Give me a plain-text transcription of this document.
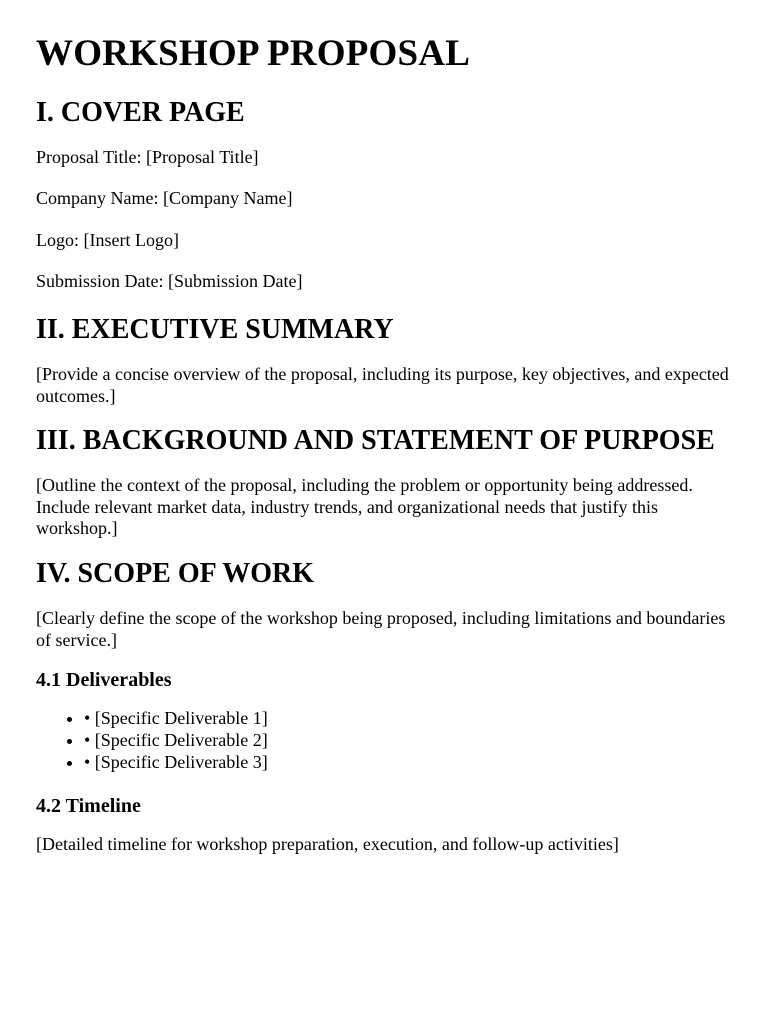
WORKSHOP PROPOSAL
I. COVER PAGE

Proposal Title: [Proposal Title]

Company Name: [Company Name]

Logo: [Insert Logo]

Submission Date: [Submission Date]

II. EXECUTIVE SUMMARY

[Provide a concise overview of the proposal, including its purpose, key objectives, and expected outcomes.]

III. BACKGROUND AND STATEMENT OF PURPOSE

[Outline the context of the proposal, including the problem or opportunity being addressed. Include relevant market data, industry trends, and organizational needs that justify this workshop.]

IV. SCOPE OF WORK

[Clearly define the scope of the workshop being proposed, including limitations and boundaries of service.]

4.1 Deliverables
• • [Specific Deliverable 1]
• • [Specific Deliverable 2]
• • [Specific Deliverable 3]
4.2 Timeline

[Detailed timeline for workshop preparation, execution, and follow-up activities]
